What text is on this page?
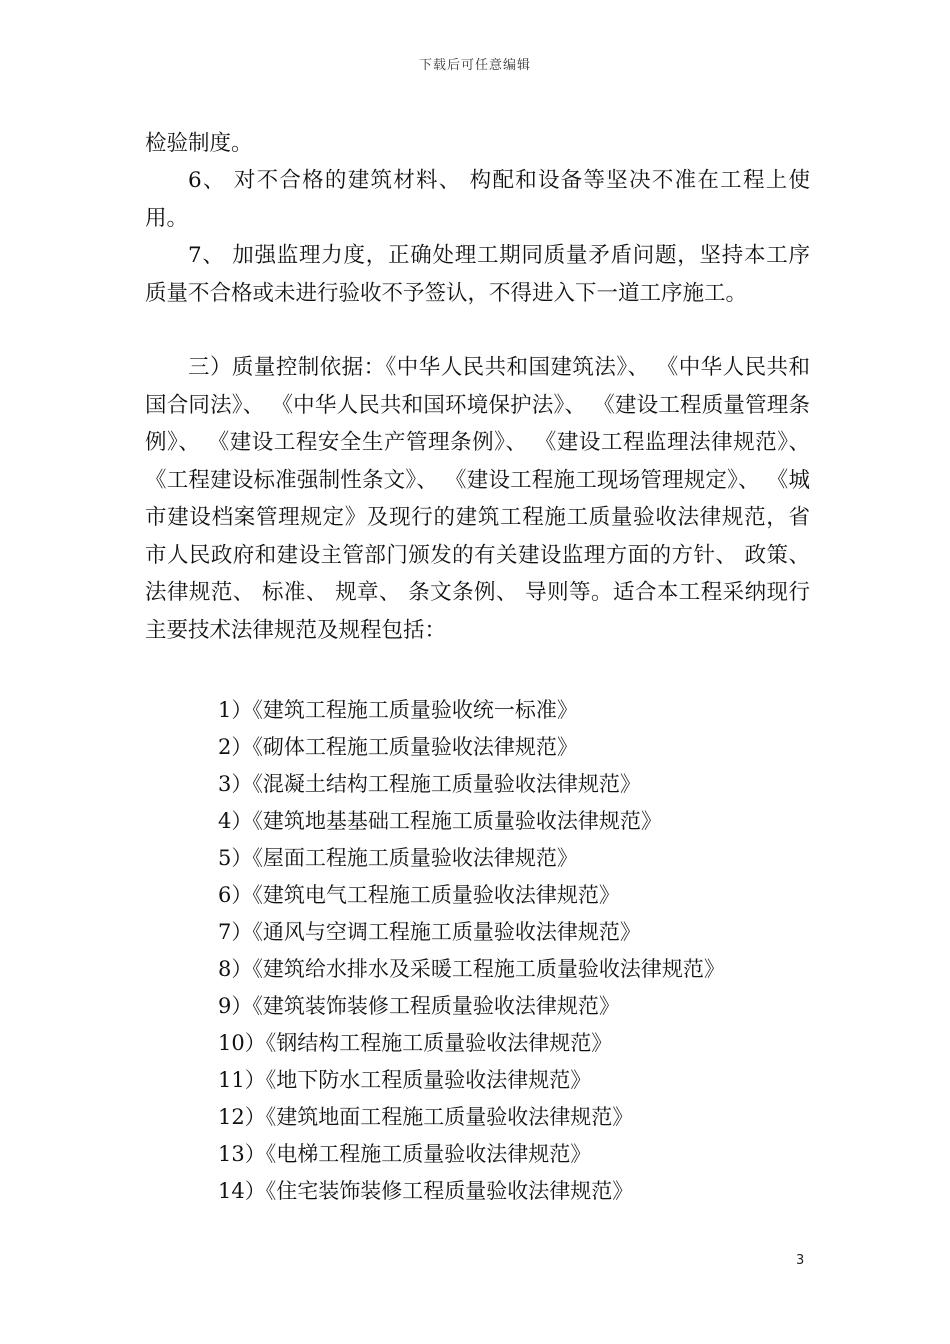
下载后可任意编辑

检验制度。

6、 对不合格的建筑材料、 构配和设备等坚决不准在工程上使用。

7、 加强监理力度，正确处理工期同质量矛盾问题，坚持本工序质量不合格或未进行验收不予签认，不得进入下一道工序施工。

三）质量控制依据：《中华人民共和国建筑法》、 《中华人民共和国合同法》、 《中华人民共和国环境保护法》、 《建设工程质量管理条例》、 《建设工程安全生产管理条例》、 《建设工程监理法律规范》、 《工程建设标准强制性条文》、 《建设工程施工现场管理规定》、 《城市建设档案管理规定》及现行的建筑工程施工质量验收法律规范，省市人民政府和建设主管部门颁发的有关建设监理方面的方针、 政策、 法律规范、 标准、 规章、 条文条例、 导则等。适合本工程采纳现行主要技术法律规范及规程包括：

1）《建筑工程施工质量验收统一标准》
2）《砌体工程施工质量验收法律规范》
3）《混凝土结构工程施工质量验收法律规范》
4）《建筑地基基础工程施工质量验收法律规范》
5）《屋面工程施工质量验收法律规范》
6）《建筑电气工程施工质量验收法律规范》
7）《通风与空调工程施工质量验收法律规范》
8）《建筑给水排水及采暖工程施工质量验收法律规范》
9）《建筑装饰装修工程质量验收法律规范》
10）《钢结构工程施工质量验收法律规范》
11）《地下防水工程质量验收法律规范》
12）《建筑地面工程施工质量验收法律规范》
13）《电梯工程施工质量验收法律规范》
14）《住宅装饰装修工程质量验收法律规范》
3
